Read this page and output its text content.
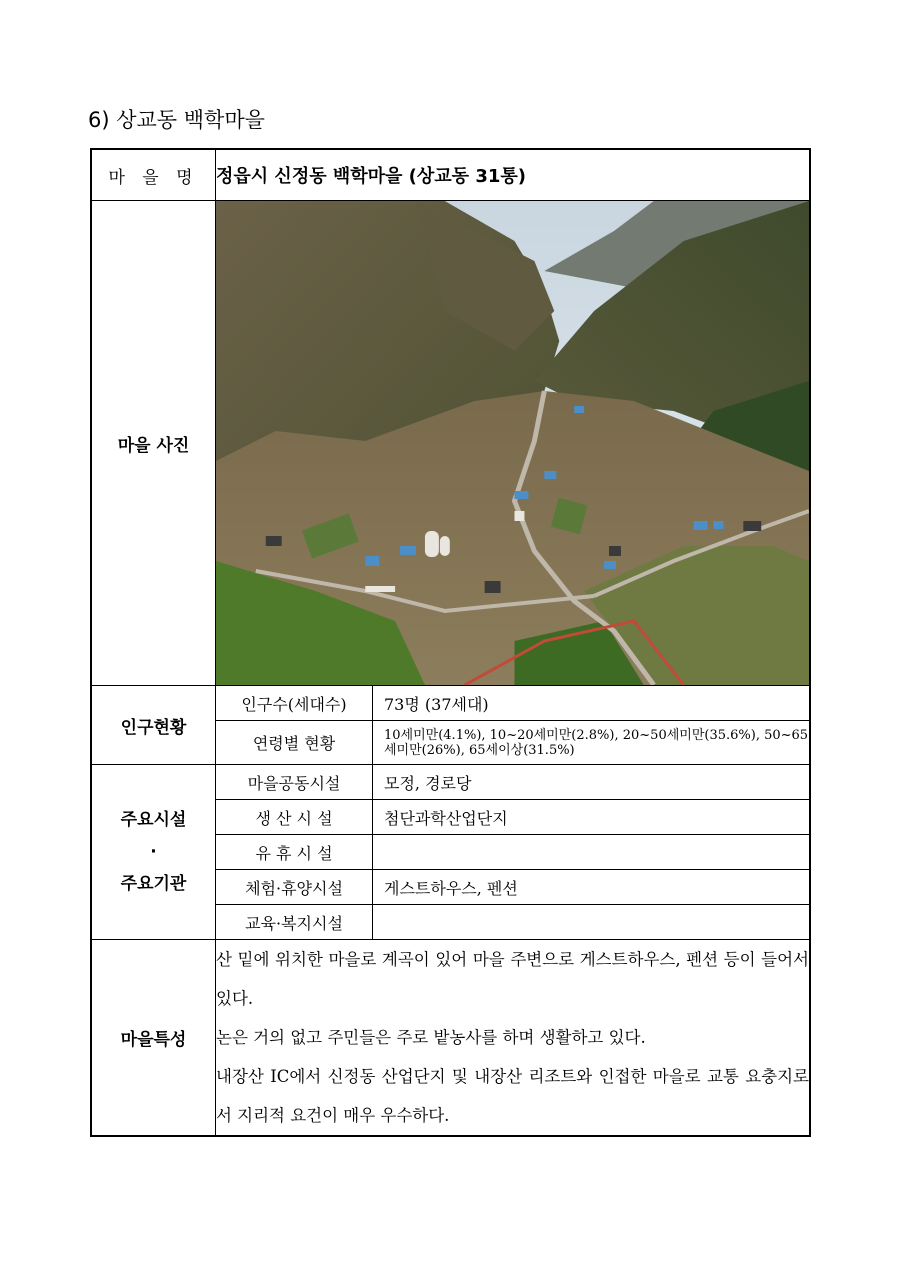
6) 상교동 백학마을
마 을 명	정읍시 신정동 백학마을 (상교동 31통)
마을 사진	

인구현황	
인구수(세대수)	73명 (37세대)
연령별 현황	10세미만(4.1%), 10~20세미만(2.8%), 20~50세미만(35.6%), 50~65세미만(26%), 65세이상(31.5%)

주요시설
·
주요기관

마을공동시설	모정, 경로당
생 산 시 설	첨단과학산업단지
유 휴 시 설	
체험·휴양시설	게스트하우스, 펜션
교육·복지시설	

마을특성	

산 밑에 위치한 마을로 계곡이 있어 마을 주변으로 게스트하우스, 펜션 등이 들어서 있다.

논은 거의 없고 주민들은 주로 밭농사를 하며 생활하고 있다.

내장산 IC에서 신정동 산업단지 및 내장산 리조트와 인접한 마을로 교통 요충지로서 지리적 요건이 매우 우수하다.
